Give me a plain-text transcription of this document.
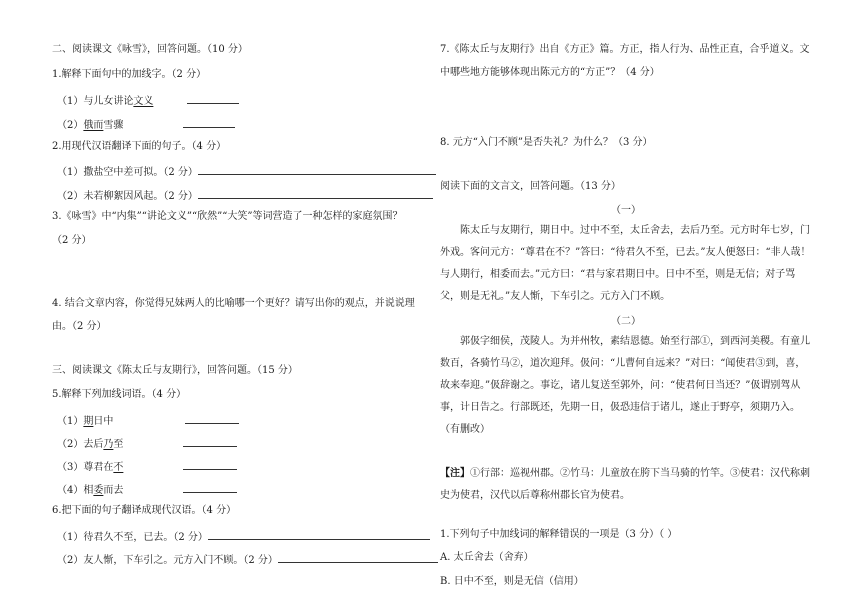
二、阅读课文《咏雪》，回答问题。（10 分）
1.解释下面句中的加线字。（2 分）
（1）与儿女讲论文义
（2）俄而雪骤
2.用现代汉语翻译下面的句子。（4 分）
（1）撒盐空中差可拟。（2 分）
（2）未若柳絮因风起。（2 分）
3.《咏雪》中“内集”“讲论文义”“欣然”“大笑”等词营造了一种怎样的家庭氛围？
（2 分）
4. 结合文章内容，你觉得兄妹两人的比喻哪一个更好？请写出你的观点，并说说理
由。（2 分）
三、阅读课文《陈太丘与友期行》，回答问题。（15 分）
5.解释下列加线词语。（4 分）
（1）期日中
（2）去后乃至
（3）尊君在不
（4）相委而去
6.把下面的句子翻译成现代汉语。（4 分）
（1）待君久不至，已去。（2 分）
（2）友人惭，下车引之。元方入门不顾。（2 分）
7.《陈太丘与友期行》出自《方正》篇。方正，指人行为、品性正直，合乎道义。文
中哪些地方能够体现出陈元方的“方正”？（4 分）
8. 元方“入门不顾”是否失礼？为什么？（3 分）
阅读下面的文言文，回答问题。（13 分）
（一）
陈太丘与友期行，期日中。过中不至，太丘舍去，去后乃至。元方时年七岁，门外戏。客问元方：“尊君在不？”答曰：“待君久不至，已去。”友人便怒曰：“非人哉！与人期行，相委而去。”元方曰：“君与家君期日中。日中不至，则是无信；对子骂父，则是无礼。”友人惭，下车引之。元方入门不顾。
（二）
郭伋字细侯，茂陵人。为并州牧，素结恩德。始至行部①，到西河美稷。有童儿数百，各骑竹马②，道次迎拜。伋问：“儿曹何自远来？”对曰：“闻使君③到，喜，故来奉迎。”伋辞谢之。事讫，诸儿复送至郭外，问：“使君何日当还？”伋谓别驾从事，计日告之。行部既还，先期一日，伋恐违信于诸儿，遂止于野亭，须期乃入。（有删改）
【注】①行部：巡视州郡。②竹马：儿童放在胯下当马骑的竹竿。③使君：汉代称刺史为使君，汉代以后尊称州郡长官为使君。
1.下列句子中加线词的解释错误的一项是（3 分）（ ）
A. 太丘舍去（舍弃）
B. 日中不至，则是无信（信用）
